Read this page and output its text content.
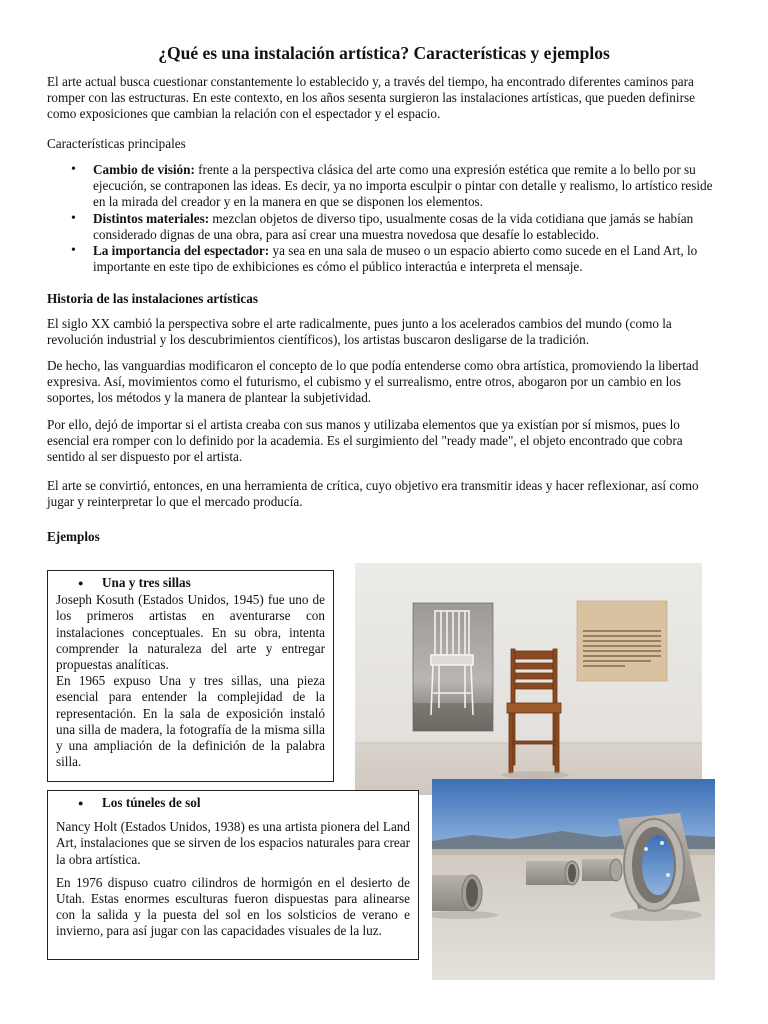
¿Qué es una instalación artística? Características y ejemplos

El arte actual busca cuestionar constantemente lo establecido y, a través del tiempo, ha encontrado diferentes caminos para romper con las estructuras. En este contexto, en los años sesenta surgieron las instalaciones artísticas, que pueden definirse como exposiciones que cambian la relación con el espectador y el espacio.

Características principales

• Cambio de visión: frente a la perspectiva clásica del arte como una expresión estética que remite a lo bello por su ejecución, se contraponen las ideas. Es decir, ya no importa esculpir o pintar con detalle y realismo, lo artístico reside en la mirada del creador y en la manera en que se disponen los elementos.
• Distintos materiales: mezclan objetos de diverso tipo, usualmente cosas de la vida cotidiana que jamás se habían considerado dignas de una obra, para así crear una muestra novedosa que desafíe lo establecido.
• La importancia del espectador: ya sea en una sala de museo o un espacio abierto como sucede en el Land Art, lo importante en este tipo de exhibiciones es cómo el público interactúa e interpreta el mensaje.

Historia de las instalaciones artísticas

El siglo XX cambió la perspectiva sobre el arte radicalmente, pues junto a los acelerados cambios del mundo (como la revolución industrial y los descubrimientos científicos), los artistas buscaron desligarse de la tradición.

De hecho, las vanguardias modificaron el concepto de lo que podía entenderse como obra artística, promoviendo la libertad expresiva. Así, movimientos como el futurismo, el cubismo y el surrealismo, entre otros, abogaron por un cambio en los soportes, los métodos y la manera de plantear la subjetividad.

Por ello, dejó de importar si el artista creaba con sus manos y utilizaba elementos que ya existían por sí mismos, pues lo esencial era romper con lo definido por la academia. Es el surgimiento del "ready made", el objeto encontrado que cobra sentido al ser dispuesto por el artista.

El arte se convirtió, entonces, en una herramienta de crítica, cuyo objetivo era transmitir ideas y hacer reflexionar, así como jugar y reinterpretar lo que el mercado producía.

Ejemplos

● Una y tres sillas

Joseph Kosuth (Estados Unidos, 1945) fue uno de los primeros artistas en aventurarse con instalaciones conceptuales. En su obra, intenta comprender la naturaleza del arte y entregar propuestas analíticas.

En 1965 expuso Una y tres sillas, una pieza esencial para entender la complejidad de la representación. En la sala de exposición instaló una silla de madera, la fotografía de la misma silla y una ampliación de la definición de la palabra silla.

● Los túneles de sol

Nancy Holt (Estados Unidos, 1938) es una artista pionera del Land Art, instalaciones que se sirven de los espacios naturales para crear la obra artística.

En 1976 dispuso cuatro cilindros de hormigón en el desierto de Utah. Estas enormes esculturas fueron dispuestas para alinearse con la salida y la puesta del sol en los solsticios de verano e invierno, para así jugar con las capacidades visuales de la luz.
